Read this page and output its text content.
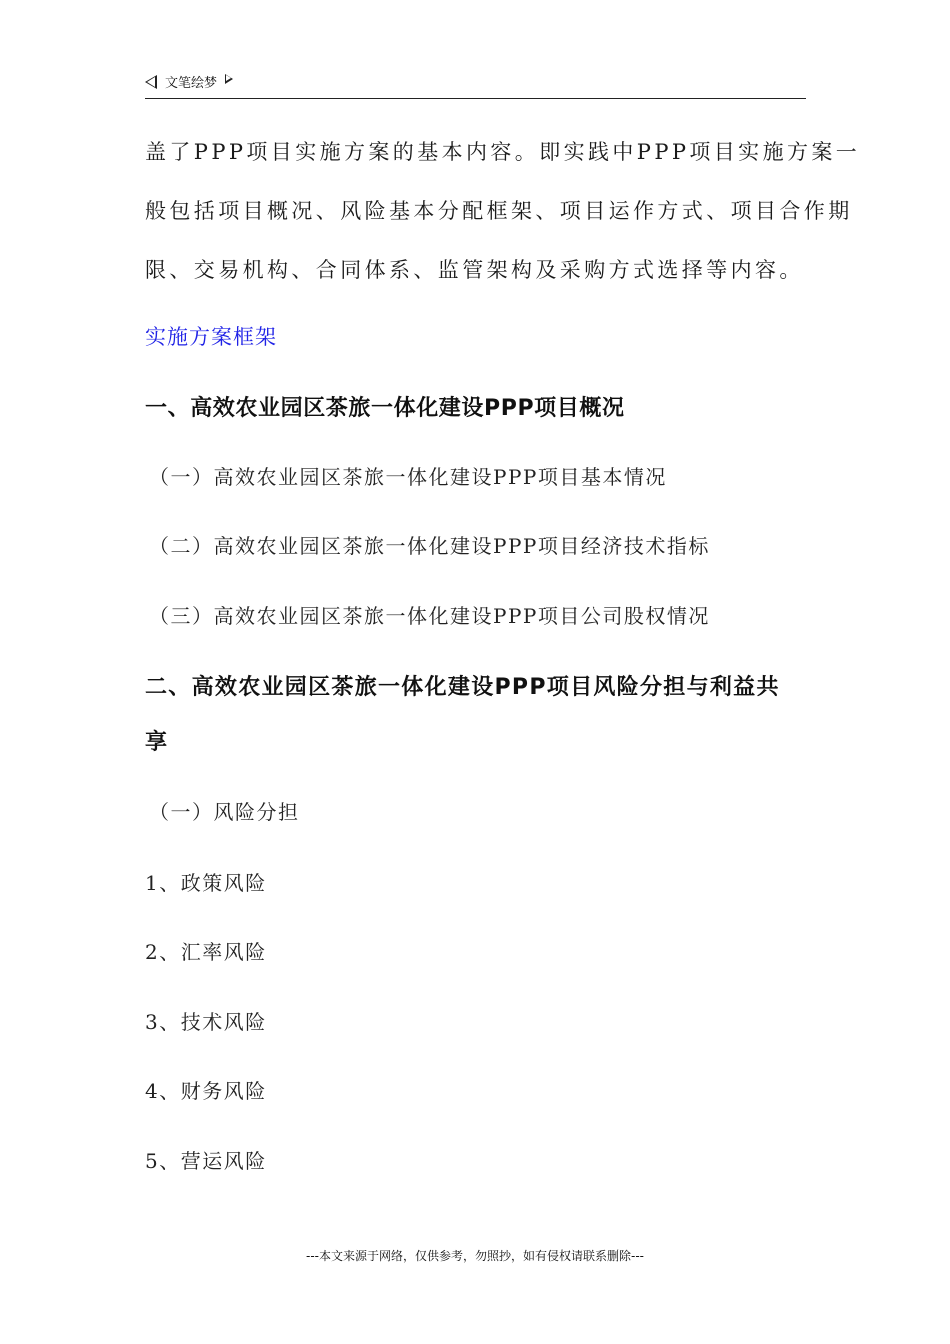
文笔绘梦
盖了PPP项目实施方案的基本内容。即实践中PPP项目实施方案一
般包括项目概况、风险基本分配框架、项目运作方式、项目合作期
限、交易机构、合同体系、监管架构及采购方式选择等内容。
实施方案框架
一、高效农业园区茶旅一体化建设PPP项目概况
（一）高效农业园区茶旅一体化建设PPP项目基本情况
（二）高效农业园区茶旅一体化建设PPP项目经济技术指标
（三）高效农业园区茶旅一体化建设PPP项目公司股权情况
二、高效农业园区茶旅一体化建设PPP项目风险分担与利益共
享
（一）风险分担
1、政策风险
2、汇率风险
3、技术风险
4、财务风险
5、营运风险
---本文来源于网络，仅供参考，勿照抄，如有侵权请联系删除---
